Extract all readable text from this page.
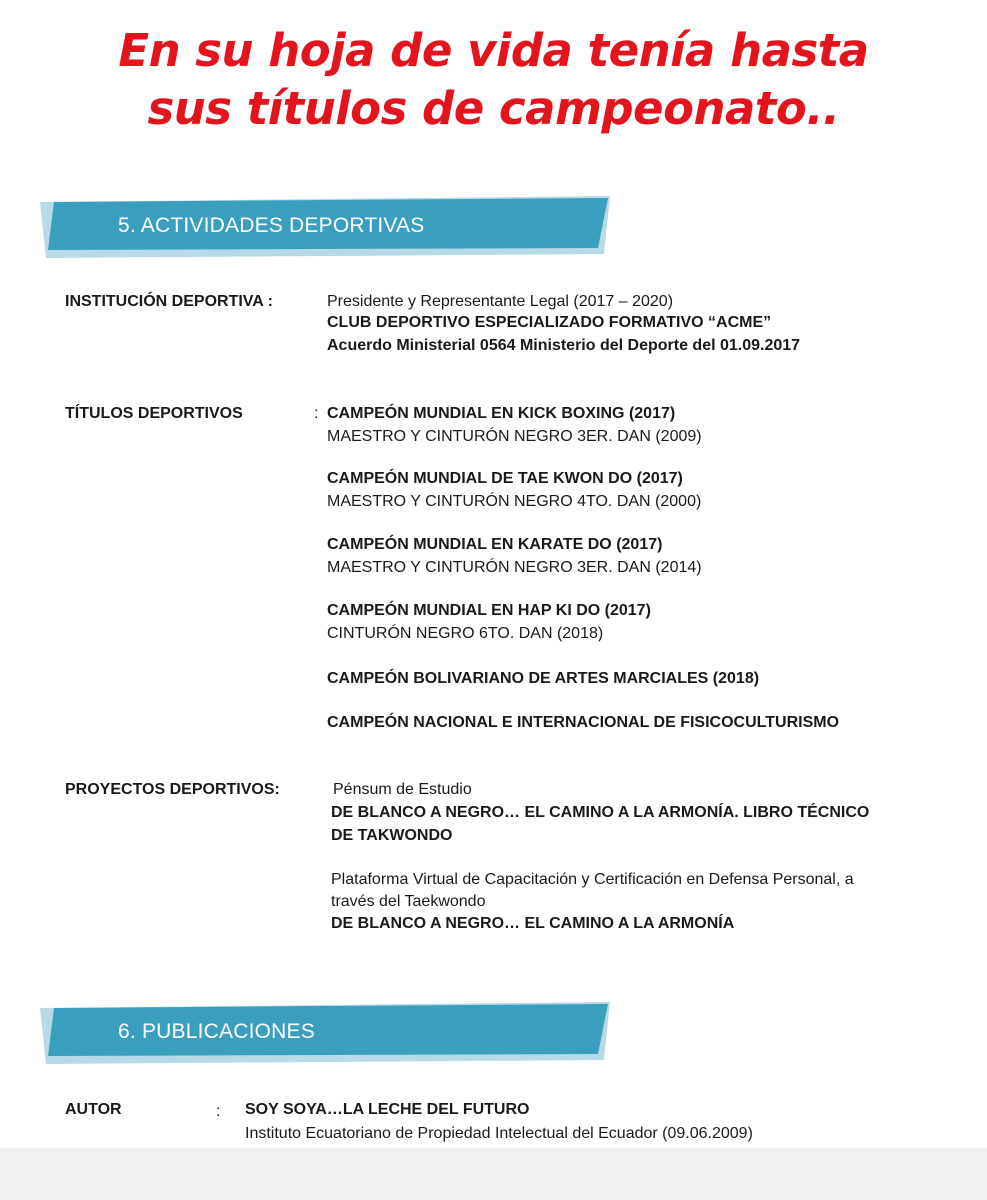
En su hoja de vida tenía hasta
sus títulos de campeonato..
5. ACTIVIDADES DEPORTIVAS
INSTITUCIÓN DEPORTIVA :	Presidente y Representante Legal (2017 – 2020)
CLUB DEPORTIVO ESPECIALIZADO FORMATIVO “ACME”
Acuerdo Ministerial 0564 Ministerio del Deporte del 01.09.2017
TÍTULOS DEPORTIVOS	: CAMPEÓN MUNDIAL EN KICK BOXING (2017)
MAESTRO Y CINTURÓN NEGRO 3ER. DAN (2009)
CAMPEÓN MUNDIAL DE TAE KWON DO (2017)
MAESTRO Y CINTURÓN NEGRO 4TO. DAN (2000)
CAMPEÓN MUNDIAL EN KARATE DO (2017)
MAESTRO Y CINTURÓN NEGRO 3ER. DAN (2014)
CAMPEÓN MUNDIAL EN HAP KI DO (2017)
CINTURÓN NEGRO 6TO. DAN (2018)
CAMPEÓN BOLIVARIANO DE ARTES MARCIALES (2018)
CAMPEÓN NACIONAL E INTERNACIONAL DE FISICOCULTURISMO
PROYECTOS DEPORTIVOS:	Pénsum de Estudio
DE BLANCO A NEGRO… EL CAMINO A LA ARMONÍA. LIBRO TÉCNICO
DE TAKWONDO
Plataforma Virtual de Capacitación y Certificación en Defensa Personal, a
través del Taekwondo
DE BLANCO A NEGRO… EL CAMINO A LA ARMONÍA
6. PUBLICACIONES
AUTOR	: SOY SOYA…LA LECHE DEL FUTURO
Instituto Ecuatoriano de Propiedad Intelectual del Ecuador (09.06.2009)
